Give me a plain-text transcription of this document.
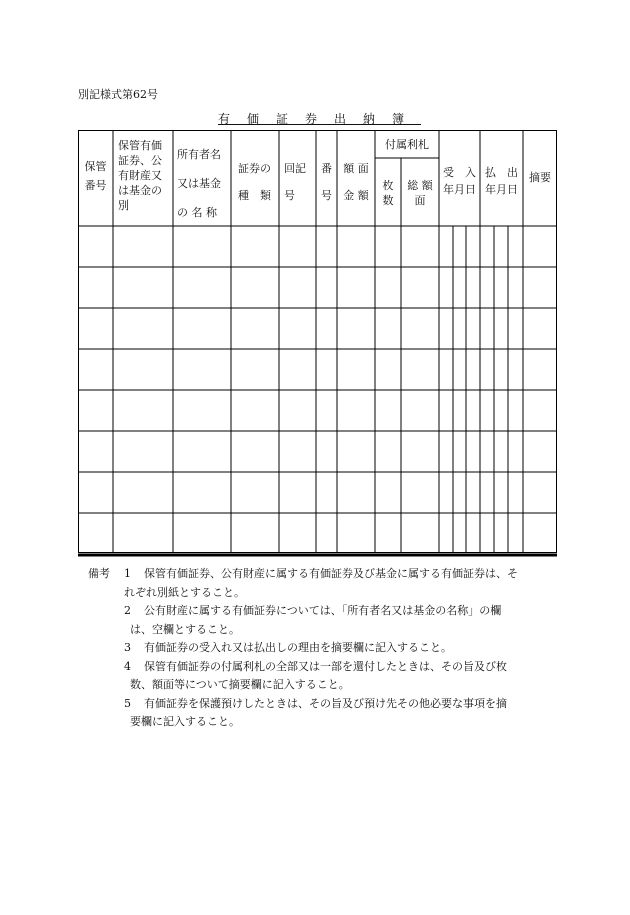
別記様式第62号
有価証券出納簿
保管
番号
保管有価
証券、公
有財産又
は基金の
別
所有者名
又は基金
の 名 称
証券の
種　類
回記
号
番
号
額 面
金 額
付属利札
枚
数
総 額
面
受　入
年月日
払　出
年月日
摘要
備考 1 保管有価証券、公有財産に属する有価証券及び基金に属する有価証券は、そ
れぞれ別紙とすること。
2 公有財産に属する有価証券については、「所有者名又は基金の名称」の欄
は、空欄とすること。
3 有価証券の受入れ又は払出しの理由を摘要欄に記入すること。
4 保管有価証券の付属利札の全部又は一部を還付したときは、その旨及び枚
数、額面等について摘要欄に記入すること。
5 有価証券を保護預けしたときは、その旨及び預け先その他必要な事項を摘
要欄に記入すること。
